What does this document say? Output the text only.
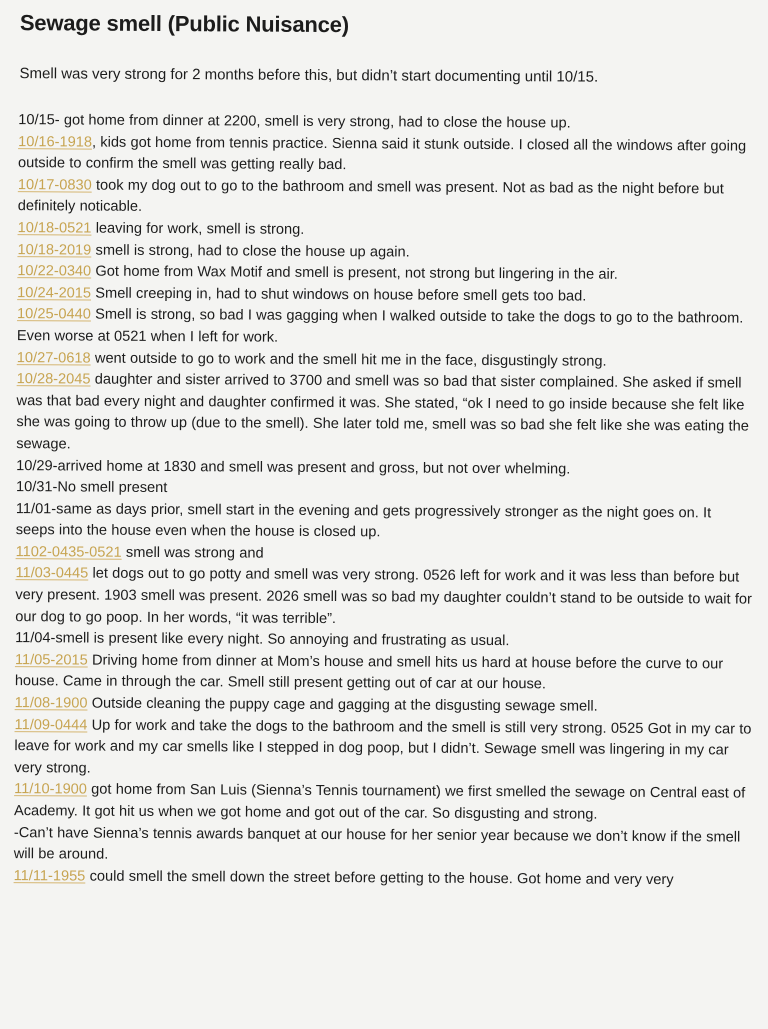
Sewage smell (Public Nuisance)

Smell was very strong for 2 months before this, but didn’t start documenting until 10/15.

10/15- got home from dinner at 2200, smell is very strong, had to close the house up.
10/16-1918, kids got home from tennis practice. Sienna said it stunk outside. I closed all the windows after going outside to confirm the smell was getting really bad.
10/17-0830 took my dog out to go to the bathroom and smell was present. Not as bad as the night before but definitely noticable.
10/18-0521 leaving for work, smell is strong.
10/18-2019 smell is strong, had to close the house up again.
10/22-0340 Got home from Wax Motif and smell is present, not strong but lingering in the air.
10/24-2015 Smell creeping in, had to shut windows on house before smell gets too bad.
10/25-0440 Smell is strong, so bad I was gagging when I walked outside to take the dogs to go to the bathroom. Even worse at 0521 when I left for work.
10/27-0618 went outside to go to work and the smell hit me in the face, disgustingly strong.
10/28-2045 daughter and sister arrived to 3700 and smell was so bad that sister complained. She asked if smell was that bad every night and daughter confirmed it was. She stated, “ok I need to go inside because she felt like she was going to throw up (due to the smell). She later told me, smell was so bad she felt like she was eating the sewage.
10/29-arrived home at 1830 and smell was present and gross, but not over whelming.
10/31-No smell present
11/01-same as days prior, smell start in the evening and gets progressively stronger as the night goes on. It seeps into the house even when the house is closed up.
1102-0435-0521 smell was strong and
11/03-0445 let dogs out to go potty and smell was very strong. 0526 left for work and it was less than before but very present. 1903 smell was present. 2026 smell was so bad my daughter couldn’t stand to be outside to wait for our dog to go poop. In her words, “it was terrible”.
11/04-smell is present like every night. So annoying and frustrating as usual.
11/05-2015 Driving home from dinner at Mom’s house and smell hits us hard at house before the curve to our house. Came in through the car. Smell still present getting out of car at our house.
11/08-1900 Outside cleaning the puppy cage and gagging at the disgusting sewage smell.
11/09-0444 Up for work and take the dogs to the bathroom and the smell is still very strong. 0525 Got in my car to leave for work and my car smells like I stepped in dog poop, but I didn’t. Sewage smell was lingering in my car very strong.
11/10-1900 got home from San Luis (Sienna’s Tennis tournament) we first smelled the sewage on Central east of Academy. It got hit us when we got home and got out of the car. So disgusting and strong.
-Can’t have Sienna’s tennis awards banquet at our house for her senior year because we don’t know if the smell will be around.
11/11-1955 could smell the smell down the street before getting to the house. Got home and very very
